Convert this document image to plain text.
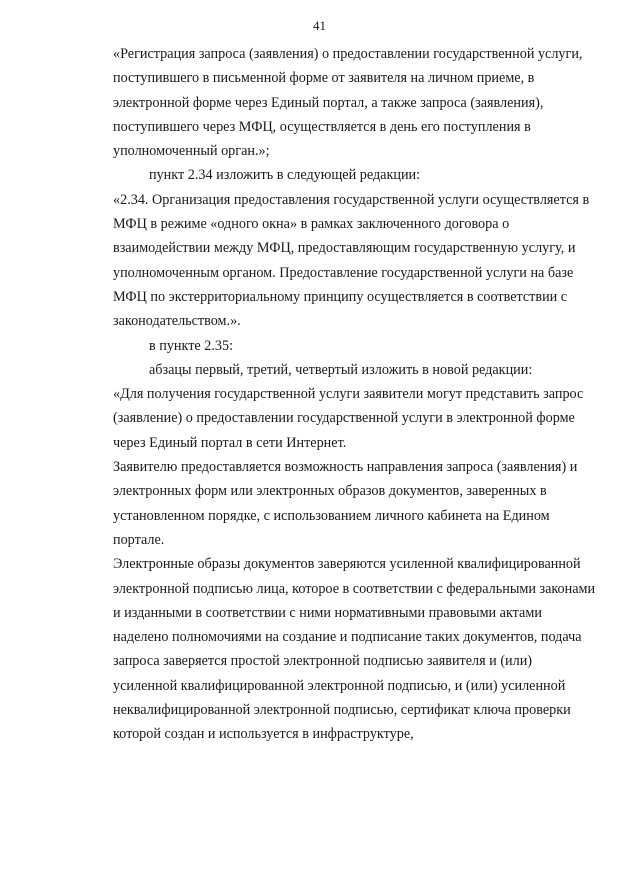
41
«Регистрация запроса (заявления) о предоставлении государственной услуги, поступившего в письменной форме от заявителя на личном приеме, в электронной форме через Единый портал, а также запроса (заявления), поступившего через МФЦ, осуществляется в день его поступления в уполномоченный орган.»;
пункт 2.34 изложить в следующей редакции:
«2.34. Организация предоставления государственной услуги осуществляется в МФЦ в режиме «одного окна» в рамках заключенного договора о взаимодействии между МФЦ, предоставляющим государственную услугу, и уполномоченным органом. Предоставление государственной услуги на базе МФЦ по экстерриториальному принципу осуществляется в соответствии с законодательством.».
в пункте 2.35:
абзацы первый, третий, четвертый изложить в новой редакции:
«Для получения государственной услуги заявители могут представить запрос (заявление) о предоставлении государственной услуги в электронной форме через Единый портал в сети Интернет.
Заявителю предоставляется возможность направления запроса (заявления) и электронных форм или электронных образов документов, заверенных в установленном порядке, с использованием личного кабинета на Едином портале.
Электронные образы документов заверяются усиленной квалифицированной электронной подписью лица, которое в соответствии с федеральными законами и изданными в соответствии с ними нормативными правовыми актами наделено полномочиями на создание и подписание таких документов, подача запроса заверяется простой электронной подписью заявителя и (или) усиленной квалифицированной электронной подписью, и (или) усиленной неквалифицированной электронной подписью, сертификат ключа проверки которой создан и используется в инфраструктуре,
